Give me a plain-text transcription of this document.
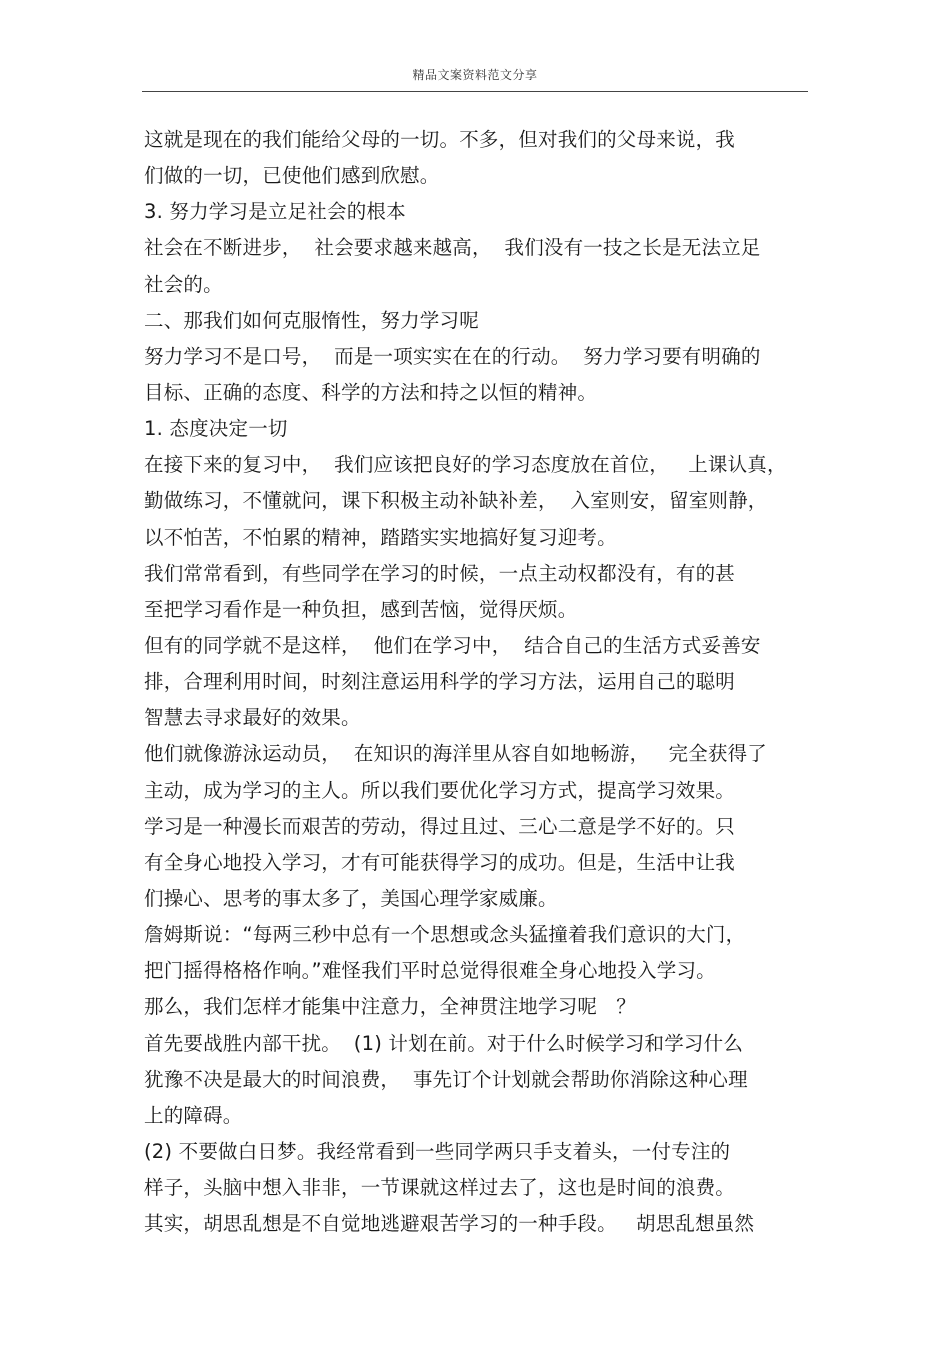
精品文案资料范文分享
这就是现在的我们能给父母的一切。不多，但对我们的父母来说，我
们做的一切，已使他们感到欣慰。
3. 努力学习是立足社会的根本
社会在不断进步，  社会要求越来越高，  我们没有一技之长是无法立足
社会的。
二、那我们如何克服惰性，努力学习呢
努力学习不是口号，  而是一项实实在在的行动。  努力学习要有明确的
目标、正确的态度、科学的方法和持之以恒的精神。
1. 态度决定一切
在接下来的复习中，  我们应该把良好的学习态度放在首位，   上课认真，
勤做练习，不懂就问，课下积极主动补缺补差，  入室则安，留室则静，
以不怕苦，不怕累的精神，踏踏实实地搞好复习迎考。
我们常常看到，有些同学在学习的时候，一点主动权都没有，有的甚
至把学习看作是一种负担，感到苦恼，觉得厌烦。
但有的同学就不是这样，  他们在学习中，  结合自己的生活方式妥善安
排，合理利用时间，时刻注意运用科学的学习方法，运用自己的聪明
智慧去寻求最好的效果。
他们就像游泳运动员，  在知识的海洋里从容自如地畅游，   完全获得了
主动，成为学习的主人。所以我们要优化学习方式，提高学习效果。
学习是一种漫长而艰苦的劳动，得过且过、三心二意是学不好的。只
有全身心地投入学习，才有可能获得学习的成功。但是，生活中让我
们操心、思考的事太多了，美国心理学家威廉。
詹姆斯说：“每两三秒中总有一个思想或念头猛撞着我们意识的大门，
把门摇得格格作响。”难怪我们平时总觉得很难全身心地投入学习。
那么，我们怎样才能集中注意力，全神贯注地学习呢   ？
首先要战胜内部干扰。  (1) 计划在前。对于什么时候学习和学习什么
犹豫不决是最大的时间浪费，  事先订个计划就会帮助你消除这种心理
上的障碍。
(2) 不要做白日梦。我经常看到一些同学两只手支着头，一付专注的
样子，头脑中想入非非，一节课就这样过去了，这也是时间的浪费。
其实，胡思乱想是不自觉地逃避艰苦学习的一种手段。   胡思乱想虽然
